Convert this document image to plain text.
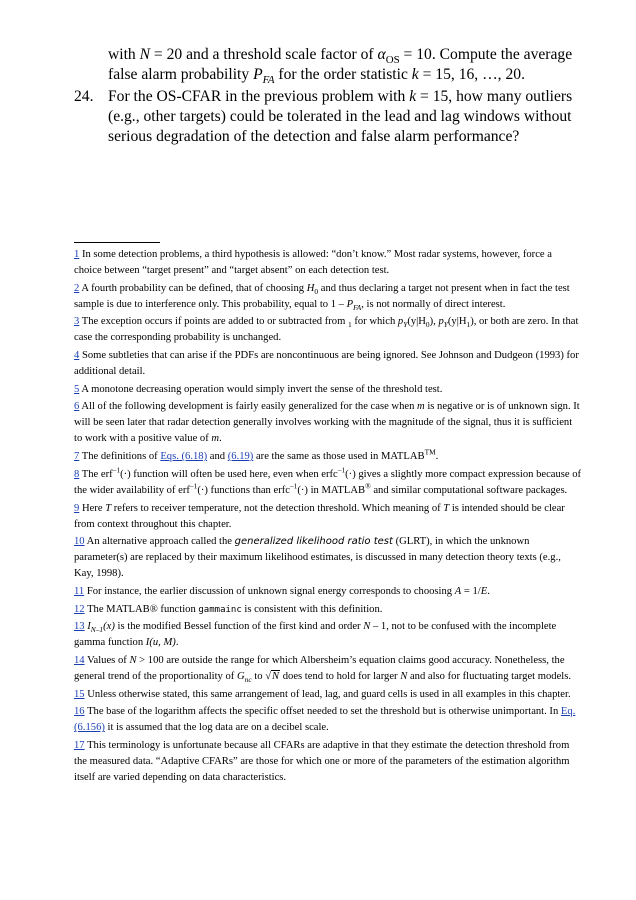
with N = 20 and a threshold scale factor of $\alpha_{OS} = 10$. Compute the average
false alarm probability $P_{FA}$ for the order statistic k = 15, 16, …, 20.
24. For the OS-CFAR in the previous problem with k = 15, how many outliers
(e.g., other targets) could be tolerated in the lead and lag windows without
serious degradation of the detection and false alarm performance?
1 In some detection problems, a third hypothesis is allowed: “don’t know.” Most radar systems, however, force a choice between “target present” and “target absent” on each detection test.
2 A fourth probability can be defined, that of choosing $H_0$ and thus declaring a target not present when in fact the test sample is due to interference only. This probability, equal to $1 - P_{FA}$, is not normally of direct interest.
3 The exception occurs if points are added to or subtracted from $_1$ for which $p_Y(y|H_0)$, $p_Y(y|H_1)$, or both are zero. In that case the corresponding probability is unchanged.
4 Some subtleties that can arise if the PDFs are noncontinuous are being ignored. See Johnson and Dudgeon (1993) for additional detail.
5 A monotone decreasing operation would simply invert the sense of the threshold test.
6 All of the following development is fairly easily generalized for the case when m is negative or is of unknown sign. It will be seen later that radar detection generally involves working with the magnitude of the signal, thus it is sufficient to work with a positive value of m.
7 The definitions of Eqs. (6.18) and (6.19) are the same as those used in MATLAB™.
8 The erf$^{-1}$(·) function will often be used here, even when erfc$^{-1}$(·) gives a slightly more compact expression because of the wider availability of erf$^{-1}$(·) functions than erfc$^{-1}$(·) in MATLAB® and similar computational software packages.
9 Here T refers to receiver temperature, not the detection threshold. Which meaning of T is intended should be clear from context throughout this chapter.
10 An alternative approach called the generalized likelihood ratio test (GLRT), in which the unknown parameter(s) are replaced by their maximum likelihood estimates, is discussed in many detection theory texts (e.g., Kay, 1998).
11 For instance, the earlier discussion of unknown signal energy corresponds to choosing A = 1/E.
12 The MATLAB® function gammainc is consistent with this definition.
13 $I_{N-1}(x)$ is the modified Bessel function of the first kind and order N – 1, not to be confused with the incomplete gamma function I(u, M).
14 Values of N > 100 are outside the range for which Albersheim’s equation claims good accuracy. Nonetheless, the general trend of the proportionality of $G_{nc}$ to √N does tend to hold for larger N and also for fluctuating target models.
15 Unless otherwise stated, this same arrangement of lead, lag, and guard cells is used in all examples in this chapter.
16 The base of the logarithm affects the specific offset needed to set the threshold but is otherwise unimportant. In Eq. (6.156) it is assumed that the log data are on a decibel scale.
17 This terminology is unfortunate because all CFARs are adaptive in that they estimate the detection threshold from the measured data. “Adaptive CFARs” are those for which one or more of the parameters of the estimation algorithm itself are varied depending on data characteristics.
